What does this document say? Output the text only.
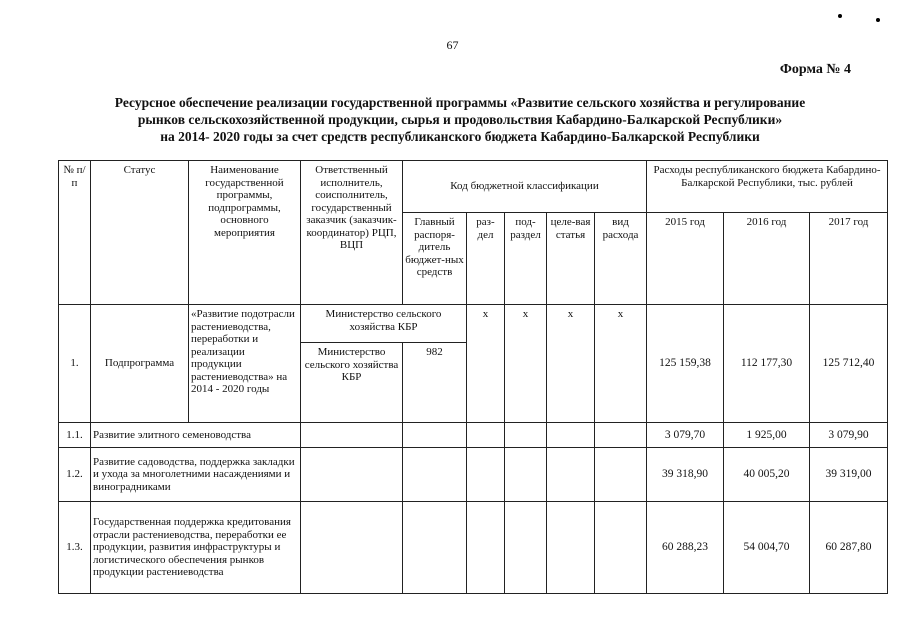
67
Форма № 4
Ресурсное обеспечение реализации государственной программы «Развитие сельского хозяйства и регулирование
рынков сельскохозяйственной продукции, сырья и продовольствия Кабардино-Балкарской Республики»
на 2014- 2020 годы за счет средств республиканского бюджета Кабардино-Балкарской Республики
№ п/п	Статус	Наименование государственной программы, подпрограммы, основного мероприятия	Ответственный исполнитель, соисполнитель, государственный заказчик (заказчик-координатор) РЦП, ВЦП	Код бюджетной классификации					Расходы республиканского бюджета Кабардино-Балкарской Республики, тыс. рублей		
				Главный распоря-дитель бюджет-ных средств	раз-дел	под-раздел	целе-вая статья	вид расхода	2015 год	2016 год	2017 год
1.	Подпрограмма	«Развитие подотрасли растениеводства, переработки и реализации продукции растениеводства» на 2014 - 2020 годы	Министерство сельского хозяйства КБР		х	х	х	х	125 159,38	112 177,30	125 712,40
			Министерство сельского хозяйства КБР	982							
1.1.	Развитие элитного семеноводства								3 079,70	1 925,00	3 079,90
1.2.	Развитие садоводства, поддержка закладки и ухода за многолетними насаждениями и виноградниками								39 318,90	40 005,20	39 319,00
1.3.	Государственная поддержка кредитования отрасли растениеводства, переработки ее продукции, развития инфраструктуры и логистического обеспечения рынков продукции растениеводства								60 288,23	54 004,70	60 287,80
